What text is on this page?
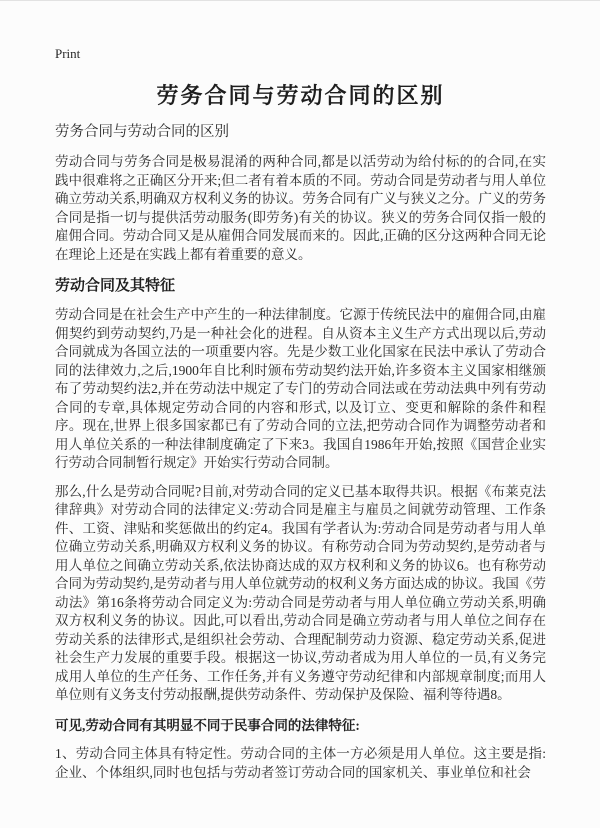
Print
劳务合同与劳动合同的区别
劳务合同与劳动合同的区别

劳动合同与劳务合同是极易混淆的两种合同,都是以活劳动为给付标的的合同,在实践中很难将之正确区分开来;但二者有着本质的不同。劳动合同是劳动者与用人单位确立劳动关系,明确双方权利义务的协议。劳务合同有广义与狭义之分。广义的劳务合同是指一切与提供活劳动服务(即劳务)有关的协议。狭义的劳务合同仅指一般的雇佣合同。劳动合同又是从雇佣合同发展而来的。因此,正确的区分这两种合同无论在理论上还是在实践上都有着重要的意义。

劳动合同及其特征

劳动合同是在社会生产中产生的一种法律制度。它源于传统民法中的雇佣合同,由雇佣契约到劳动契约,乃是一种社会化的进程。自从资本主义生产方式出现以后,劳动合同就成为各国立法的一项重要内容。先是少数工业化国家在民法中承认了劳动合同的法律效力,之后,1900年自比利时颁布劳动契约法开始,许多资本主义国家相继颁布了劳动契约法2,并在劳动法中规定了专门的劳动合同法或在劳动法典中列有劳动合同的专章,具体规定劳动合同的内容和形式, 以及订立、变更和解除的条件和程序。现在,世界上很多国家都已有了劳动合同的立法,把劳动合同作为调整劳动者和用人单位关系的一种法律制度确定了下来3。我国自1986年开始,按照《国营企业实行劳动合同制暂行规定》开始实行劳动合同制。

那么,什么是劳动合同呢?目前,对劳动合同的定义已基本取得共识。根据《布莱克法律辞典》对劳动合同的法律定义:劳动合同是雇主与雇员之间就劳动管理、工作条件、工资、津贴和奖惩做出的约定4。我国有学者认为:劳动合同是劳动者与用人单位确立劳动关系,明确双方权利义务的协议。有称劳动合同为劳动契约,是劳动者与用人单位之间确立劳动关系,依法协商达成的双方权利和义务的协议6。也有称劳动合同为劳动契约,是劳动者与用人单位就劳动的权利义务方面达成的协议。我国《劳动法》第16条将劳动合同定义为:劳动合同是劳动者与用人单位确立劳动关系,明确双方权利义务的协议。因此,可以看出,劳动合同是确立劳动者与用人单位之间存在劳动关系的法律形式,是组织社会劳动、合理配制劳动力资源、稳定劳动关系,促进社会生产力发展的重要手段。根据这一协议,劳动者成为用人单位的一员,有义务完成用人单位的生产任务、工作任务,并有义务遵守劳动纪律和内部规章制度;而用人单位则有义务支付劳动报酬,提供劳动条件、劳动保护及保险、福利等待遇8。

可见,劳动合同有其明显不同于民事合同的法律特征:

1、劳动合同主体具有特定性。劳动合同的主体一方必须是用人单位。这主要是指:企业、个体组织,同时也包括与劳动者签订劳动合同的国家机关、事业单位和社会
